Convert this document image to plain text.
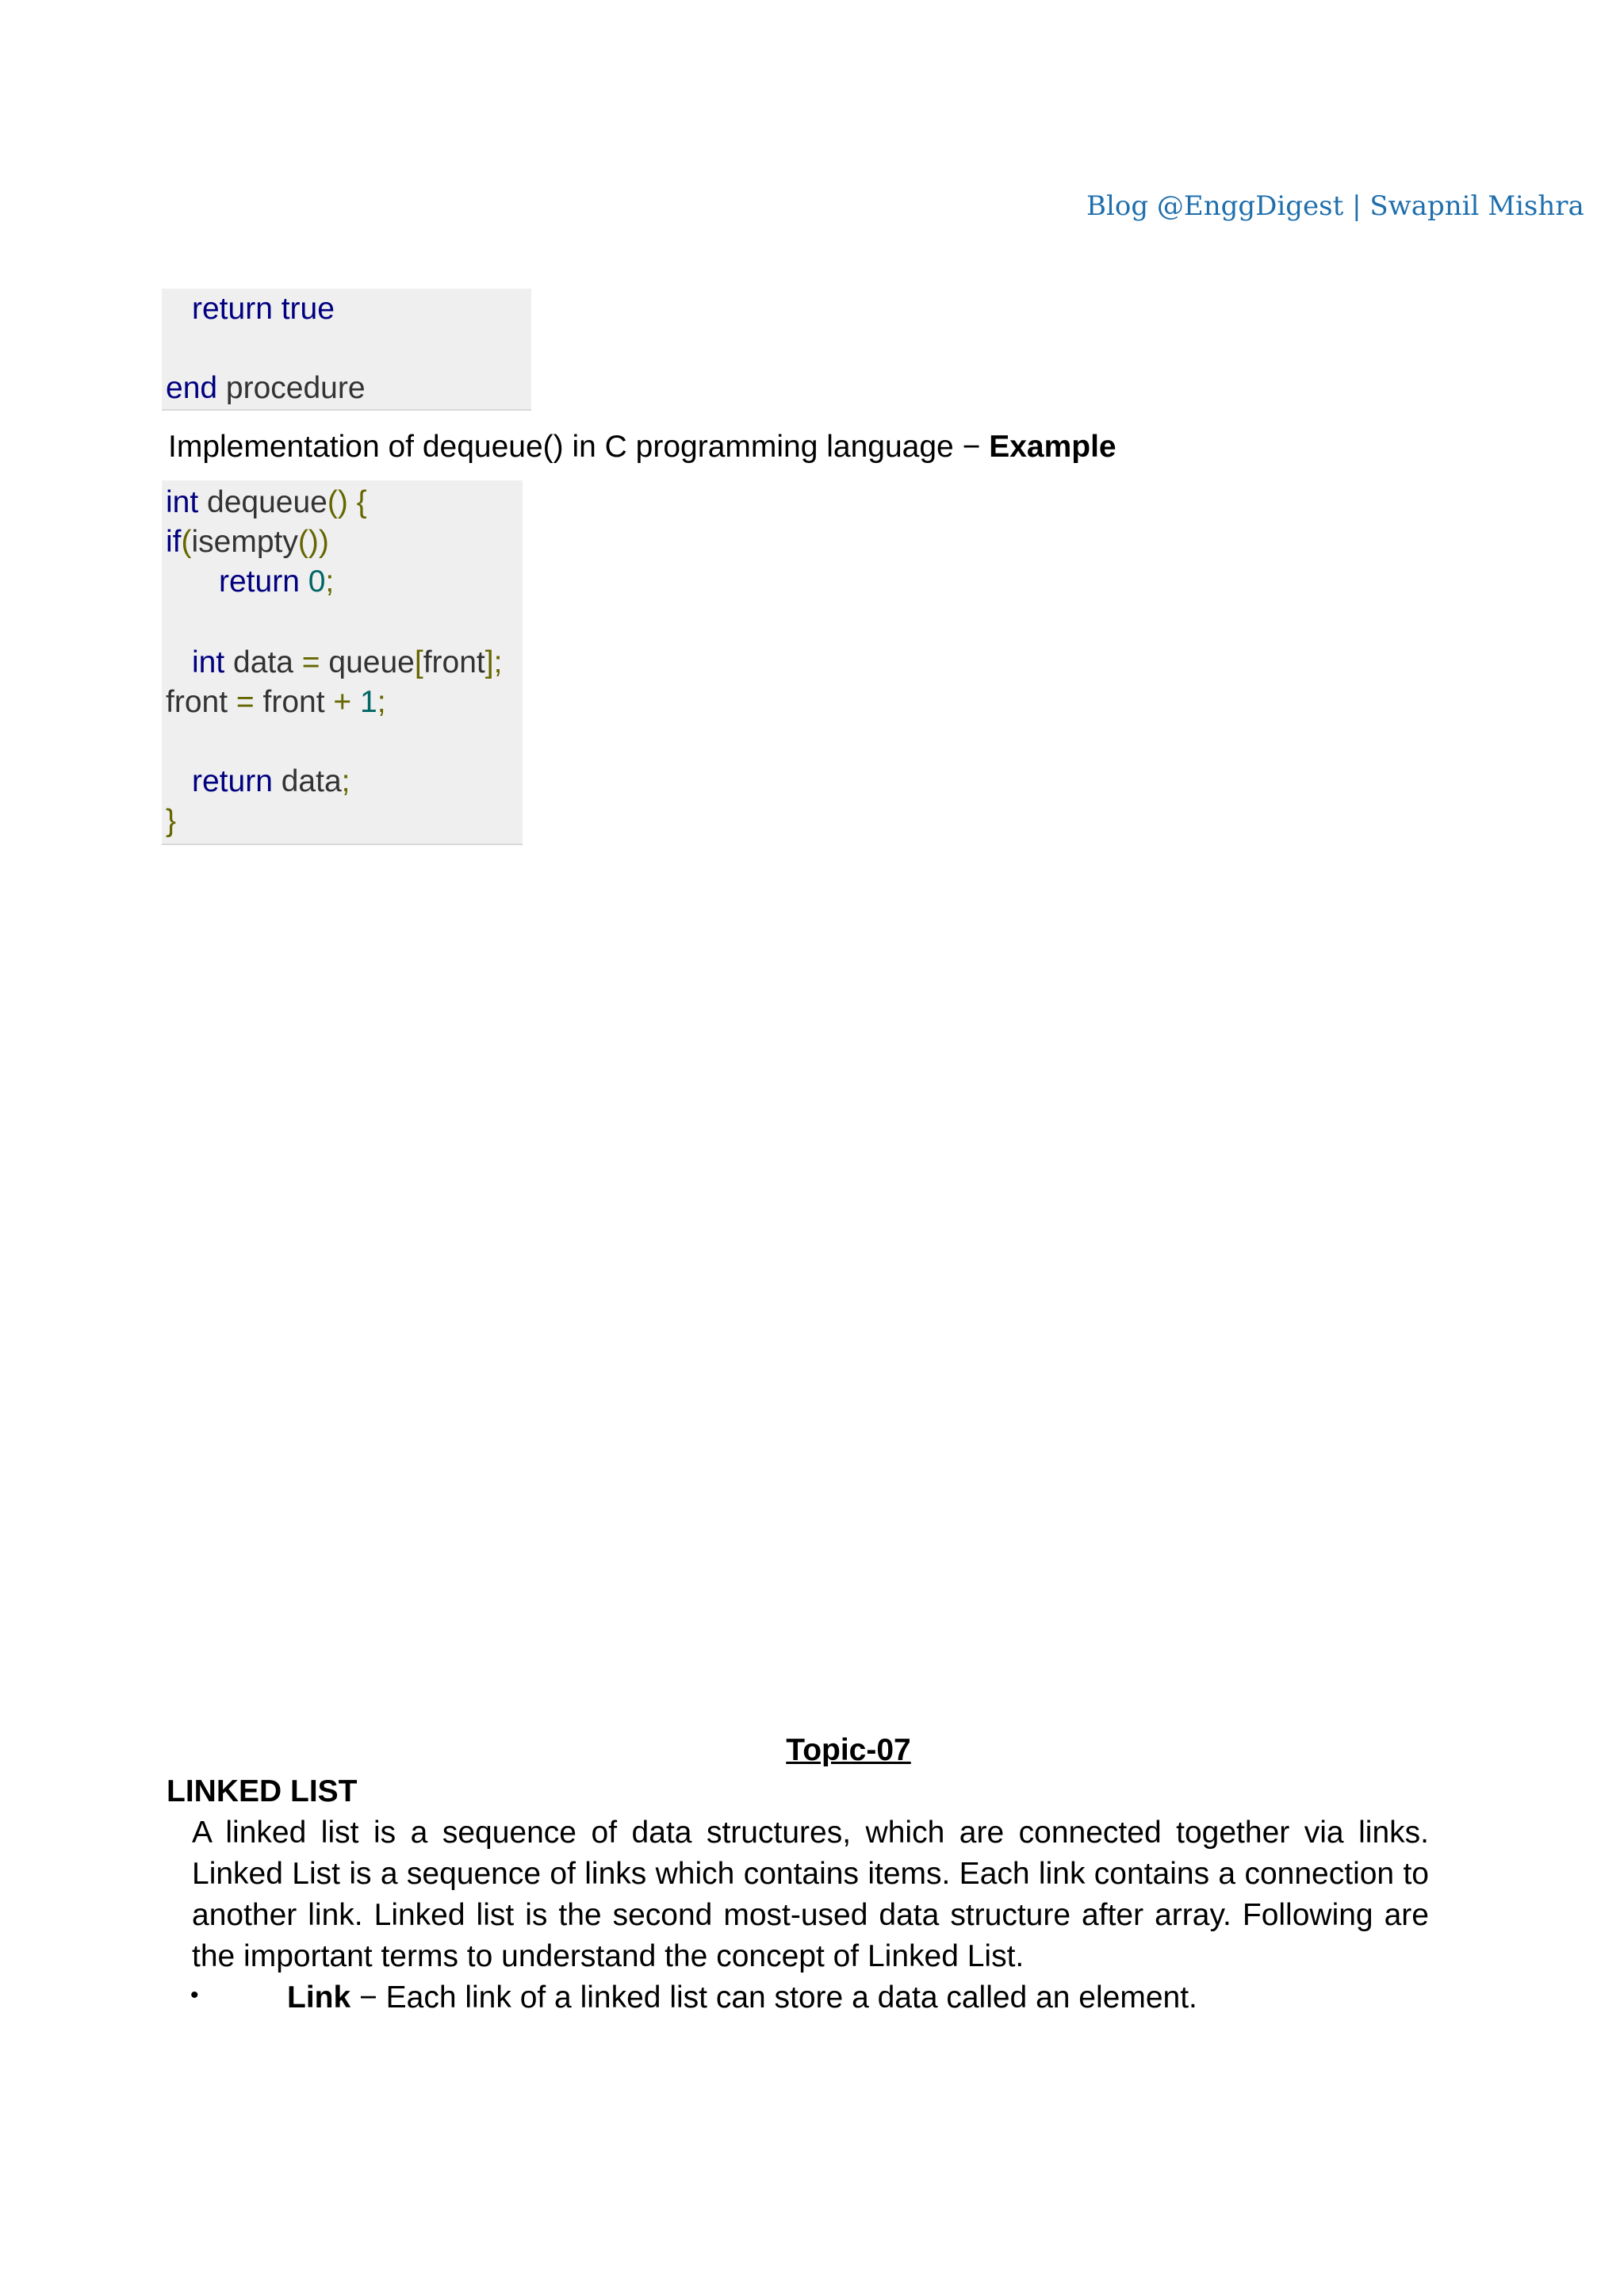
Blog @EnggDigest | Swapnil Mishra
return true
end procedure
Implementation of dequeue() in C programming language − Example
int dequeue() {
if(isempty())
return 0;
int data = queue[front];
front = front + 1;
return data;
}
Topic-07
LINKED LIST
A linked list is a sequence of data structures, which are connected together via links. Linked List is a sequence of links which contains items. Each link contains a connection to another link. Linked list is the second most-used data structure after array. Following are the important terms to understand the concept of Linked List.
•	Link − Each link of a linked list can store a data called an element.
